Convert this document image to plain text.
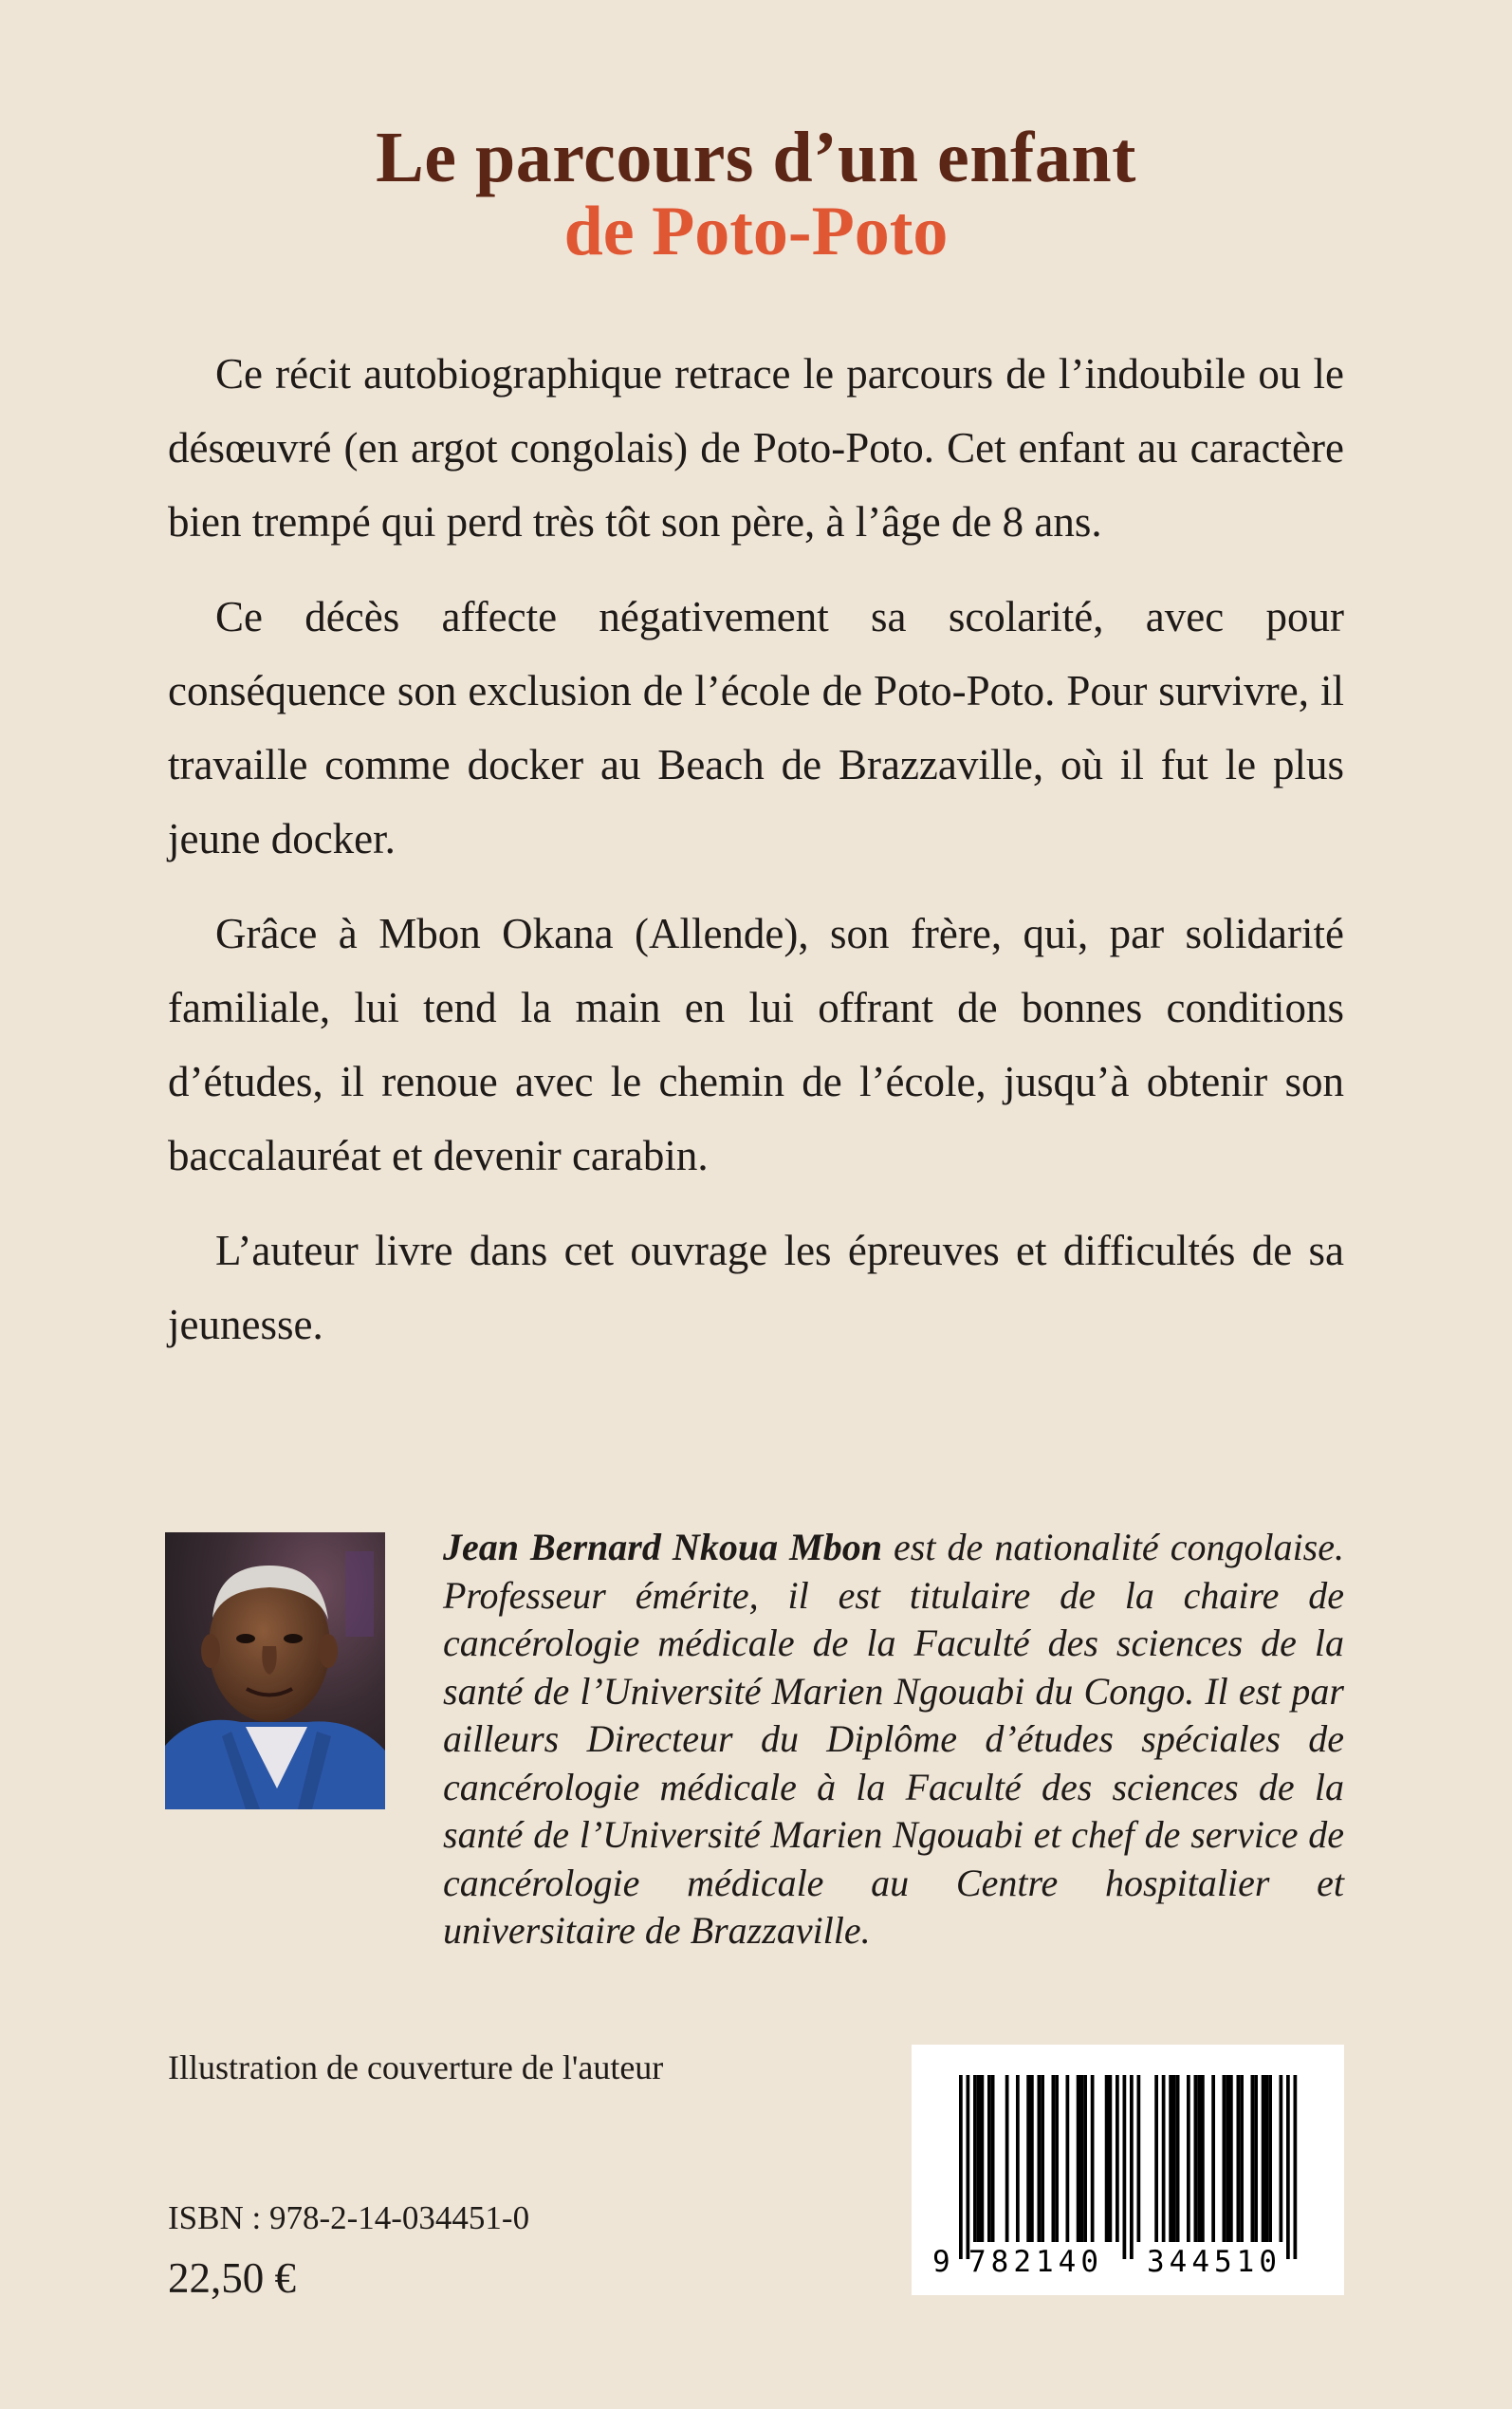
Le parcours d’un enfant
de Poto-Poto

Ce récit autobiographique retrace le parcours de l’indoubile ou le désœuvré (en argot congolais) de Poto-Poto. Cet enfant au caractère bien trempé qui perd très tôt son père, à l’âge de 8 ans.

Ce décès affecte négativement sa scolarité, avec pour conséquence son exclusion de l’école de Poto-Poto. Pour survivre, il travaille comme docker au Beach de Brazzaville, où il fut le plus jeune docker.

Grâce à Mbon Okana (Allende), son frère, qui, par solidarité familiale, lui tend la main en lui offrant de bonnes conditions d’études, il renoue avec le chemin de l’école, jusqu’à obtenir son baccalauréat et devenir carabin.

L’auteur livre dans cet ouvrage les épreuves et difficultés de sa jeunesse.

Jean Bernard Nkoua Mbon est de nationalité congolaise. Professeur émérite, il est titulaire de la chaire de cancérologie médicale de la Faculté des sciences de la santé de l’Université Marien Ngouabi du Congo. Il est par ailleurs Directeur du Diplôme d’études spéciales de cancérologie médicale à la Faculté des sciences de la santé de l’Université Marien Ngouabi et chef de service de cancérologie médicale au Centre hospitalier et universitaire de Brazzaville.
Illustration de couverture de l'auteur
ISBN : 978-2-14-034451-0
22,50 €	9 782140 344510
